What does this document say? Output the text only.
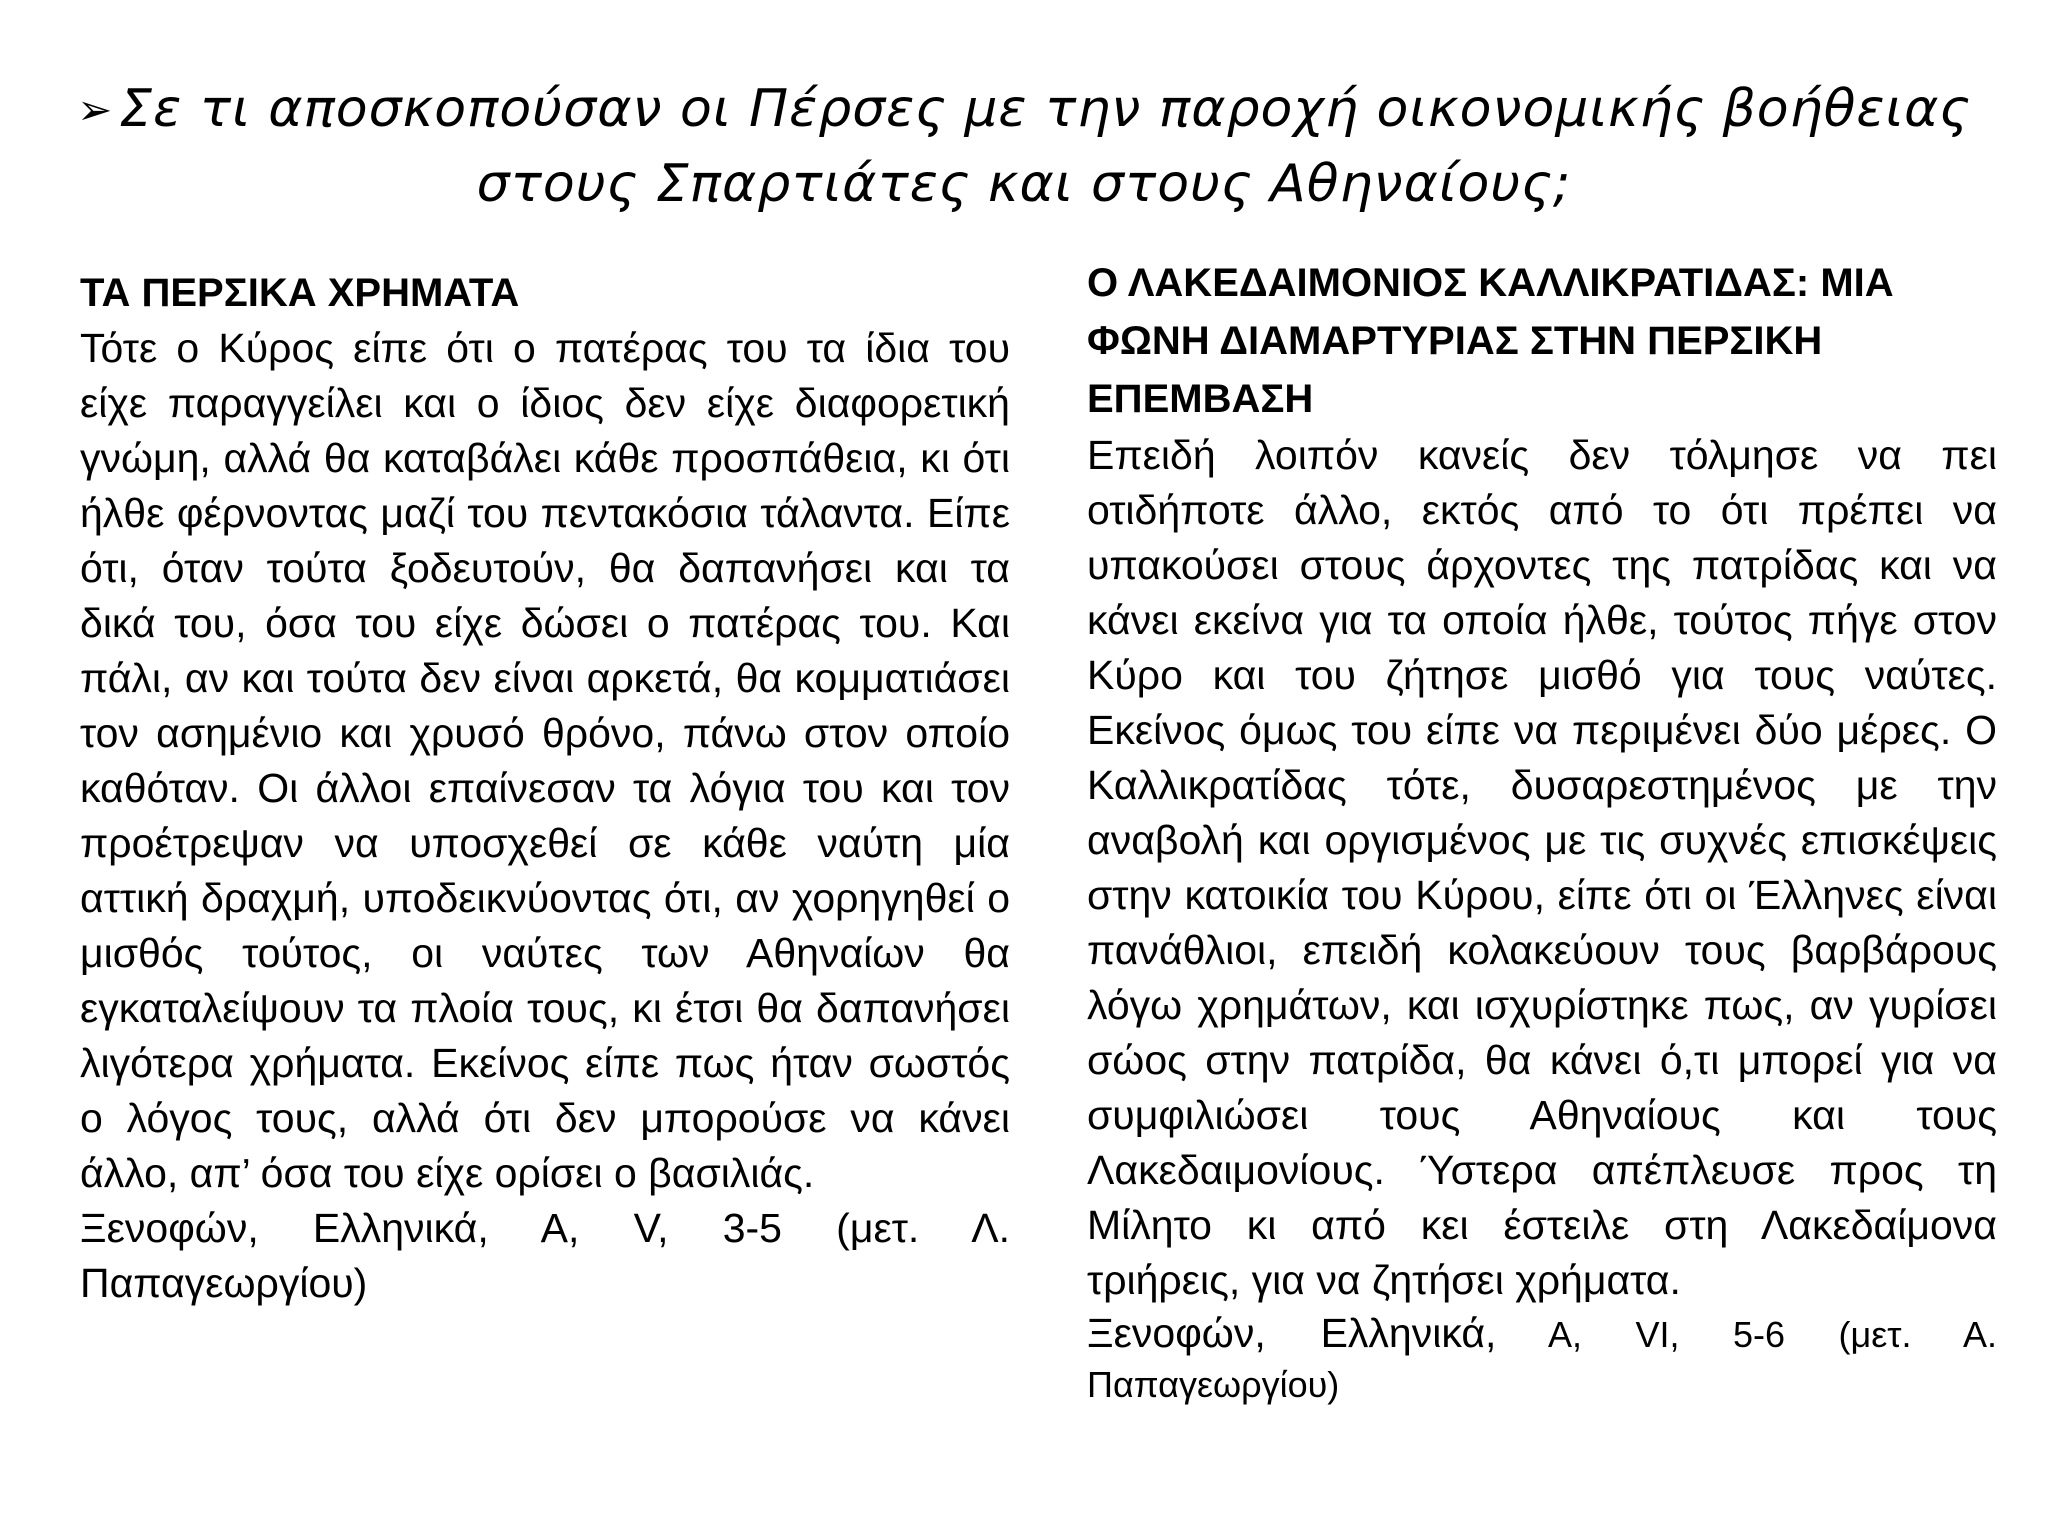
➢ Σε τι αποσκοπούσαν οι Πέρσες με την παροχή οικονομικής βοήθειας στους Σπαρτιάτες και στους Αθηναίους;
ΤΑ ΠΕΡΣΙΚΑ ΧΡΗΜΑΤΑ
Τότε ο Κύρος είπε ότι ο πατέρας του τα ίδια του είχε παραγγείλει και ο ίδιος δεν είχε διαφορετική γνώμη, αλλά θα καταβάλει κάθε προσπάθεια, κι ότι ήλθε φέρνοντας μαζί του πεντακόσια τάλαντα. Είπε ότι, όταν τούτα ξοδευτούν, θα δαπανήσει και τα δικά του, όσα του είχε δώσει ο πατέρας του. Και πάλι, αν και τούτα δεν είναι αρκετά, θα κομματιάσει τον ασημένιο και χρυσό θρόνο, πάνω στον οποίο καθόταν. Οι άλλοι επαίνεσαν τα λόγια του και τον προέτρεψαν να υποσχεθεί σε κάθε ναύτη μία αττική δραχμή, υποδεικνύοντας ότι, αν χορηγηθεί ο μισθός τούτος, οι ναύτες των Αθηναίων θα εγκαταλείψουν τα πλοία τους, κι έτσι θα δαπανήσει λιγότερα χρήματα. Εκείνος είπε πως ήταν σωστός ο λόγος τους, αλλά ότι δεν μπορούσε να κάνει άλλο, απ’ όσα του είχε ορίσει ο βασιλιάς.
Ξενοφών, Ελληνικά, Α, V, 3-5 (μετ. Λ. Παπαγεωργίου)
Ο ΛΑΚΕΔΑΙΜΟΝΙΟΣ ΚΑΛΛΙΚΡΑΤΙΔΑΣ: ΜΙΑ ΦΩΝΗ ΔΙΑΜΑΡΤΥΡΙΑΣ ΣΤΗΝ ΠΕΡΣΙΚΗ ΕΠΕΜΒΑΣΗ
Επειδή λοιπόν κανείς δεν τόλμησε να πει οτιδήποτε άλλο, εκτός από το ότι πρέπει να υπακούσει στους άρχοντες της πατρίδας και να κάνει εκείνα για τα οποία ήλθε, τούτος πήγε στον Κύρο και του ζήτησε μισθό για τους ναύτες. Εκείνος όμως του είπε να περιμένει δύο μέρες. Ο Καλλικρατίδας τότε, δυσαρεστημένος με την αναβολή και οργισμένος με τις συχνές επισκέψεις στην κατοικία του Κύρου, είπε ότι οι Έλληνες είναι πανάθλιοι, επειδή κολακεύουν τους βαρβάρους λόγω χρημάτων, και ισχυρίστηκε πως, αν γυρίσει σώος στην πατρίδα, θα κάνει ό,τι μπορεί για να συμφιλιώσει τους Αθηναίους και τους Λακεδαιμονίους. Ύστερα απέπλευσε προς τη Μίλητο κι από κει έστειλε στη Λακεδαίμονα τριήρεις, για να ζητήσει χρήματα.
Ξενοφών, Ελληνικά, Α, VI, 5-6 (μετ. Α. Παπαγεωργίου)
